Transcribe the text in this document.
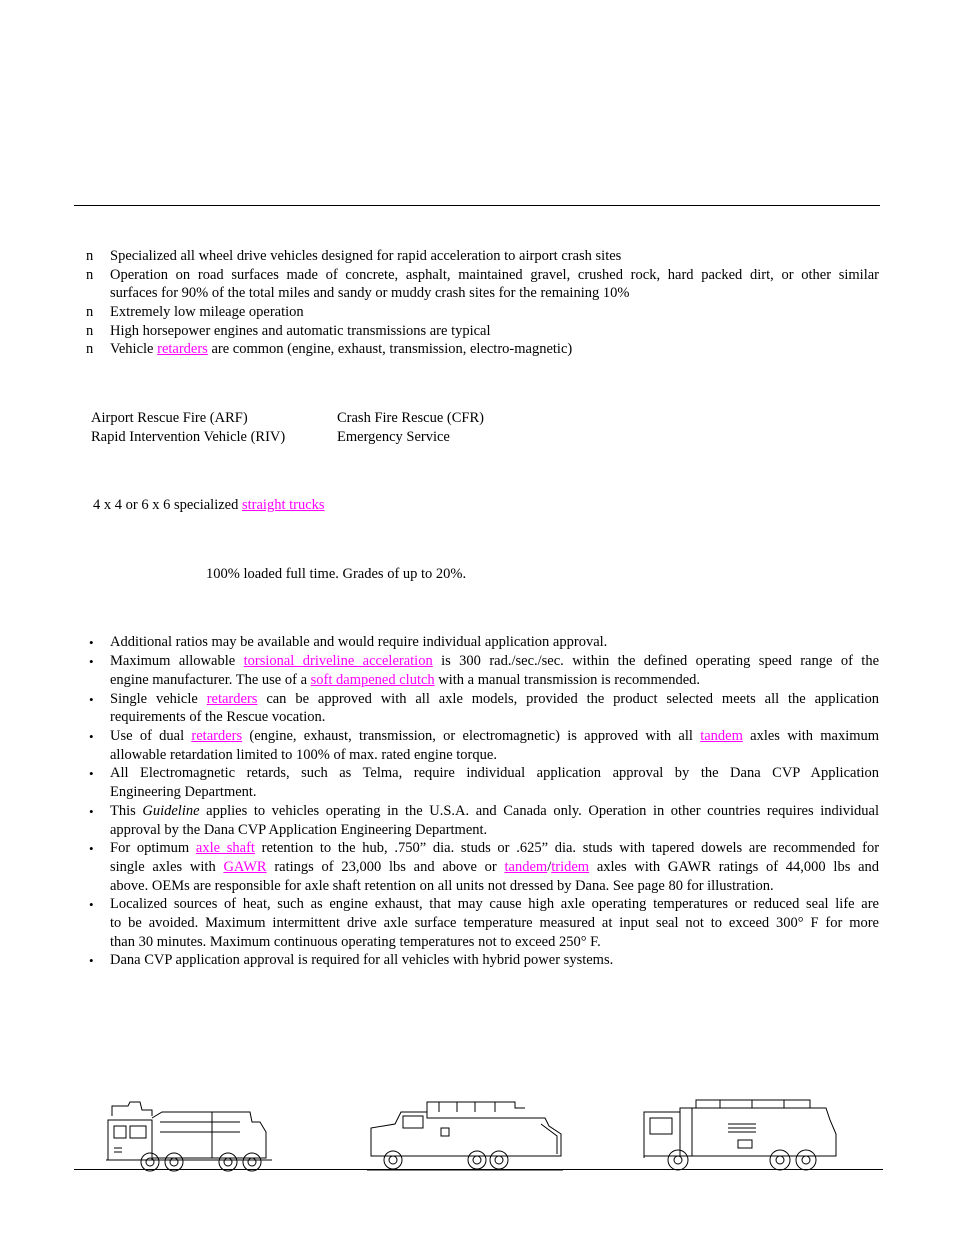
n Specialized all wheel drive vehicles designed for rapid acceleration to airport crash sites
n Operation on road surfaces made of concrete, asphalt, maintained gravel, crushed rock, hard packed dirt, or other similar
surfaces for 90% of the total miles and sandy or muddy crash sites for the remaining 10%
n Extremely low mileage operation
n High horsepower engines and automatic transmissions are typical
n Vehicle retarders are common (engine, exhaust, transmission, electro-magnetic)
Airport Rescue Fire (ARF)
Rapid Intervention Vehicle (RIV)
Crash Fire Rescue (CFR)
Emergency Service
4 x 4 or 6 x 6 specialized straight trucks
100% loaded full time. Grades of up to 20%.
• Additional ratios may be available and would require individual application approval.
• Maximum allowable torsional driveline acceleration is 300 rad./sec./sec. within the defined operating speed range of the
engine manufacturer. The use of a soft dampened clutch with a manual transmission is recommended.
• Single vehicle retarders can be approved with all axle models, provided the product selected meets all the application
requirements of the Rescue vocation.
• Use of dual retarders (engine, exhaust, transmission, or electromagnetic) is approved with all tandem axles with maximum
allowable retardation limited to 100% of max. rated engine torque.
• All Electromagnetic retards, such as Telma, require individual application approval by the Dana CVP Application
Engineering Department.
• This Guideline applies to vehicles operating in the U.S.A. and Canada only. Operation in other countries requires individual
approval by the Dana CVP Application Engineering Department.
• For optimum axle shaft retention to the hub, .750” dia. studs or .625” dia. studs with tapered dowels are recommended for
single axles with GAWR ratings of 23,000 lbs and above or tandem/tridem axles with GAWR ratings of 44,000 lbs and
above. OEMs are responsible for axle shaft retention on all units not dressed by Dana. See page 80 for illustration.
• Localized sources of heat, such as engine exhaust, that may cause high axle operating temperatures or reduced seal life are
to be avoided. Maximum intermittent drive axle surface temperature measured at input seal not to exceed 300° F for more
than 30 minutes. Maximum continuous operating temperatures not to exceed 250° F.
• Dana CVP application approval is required for all vehicles with hybrid power systems.
